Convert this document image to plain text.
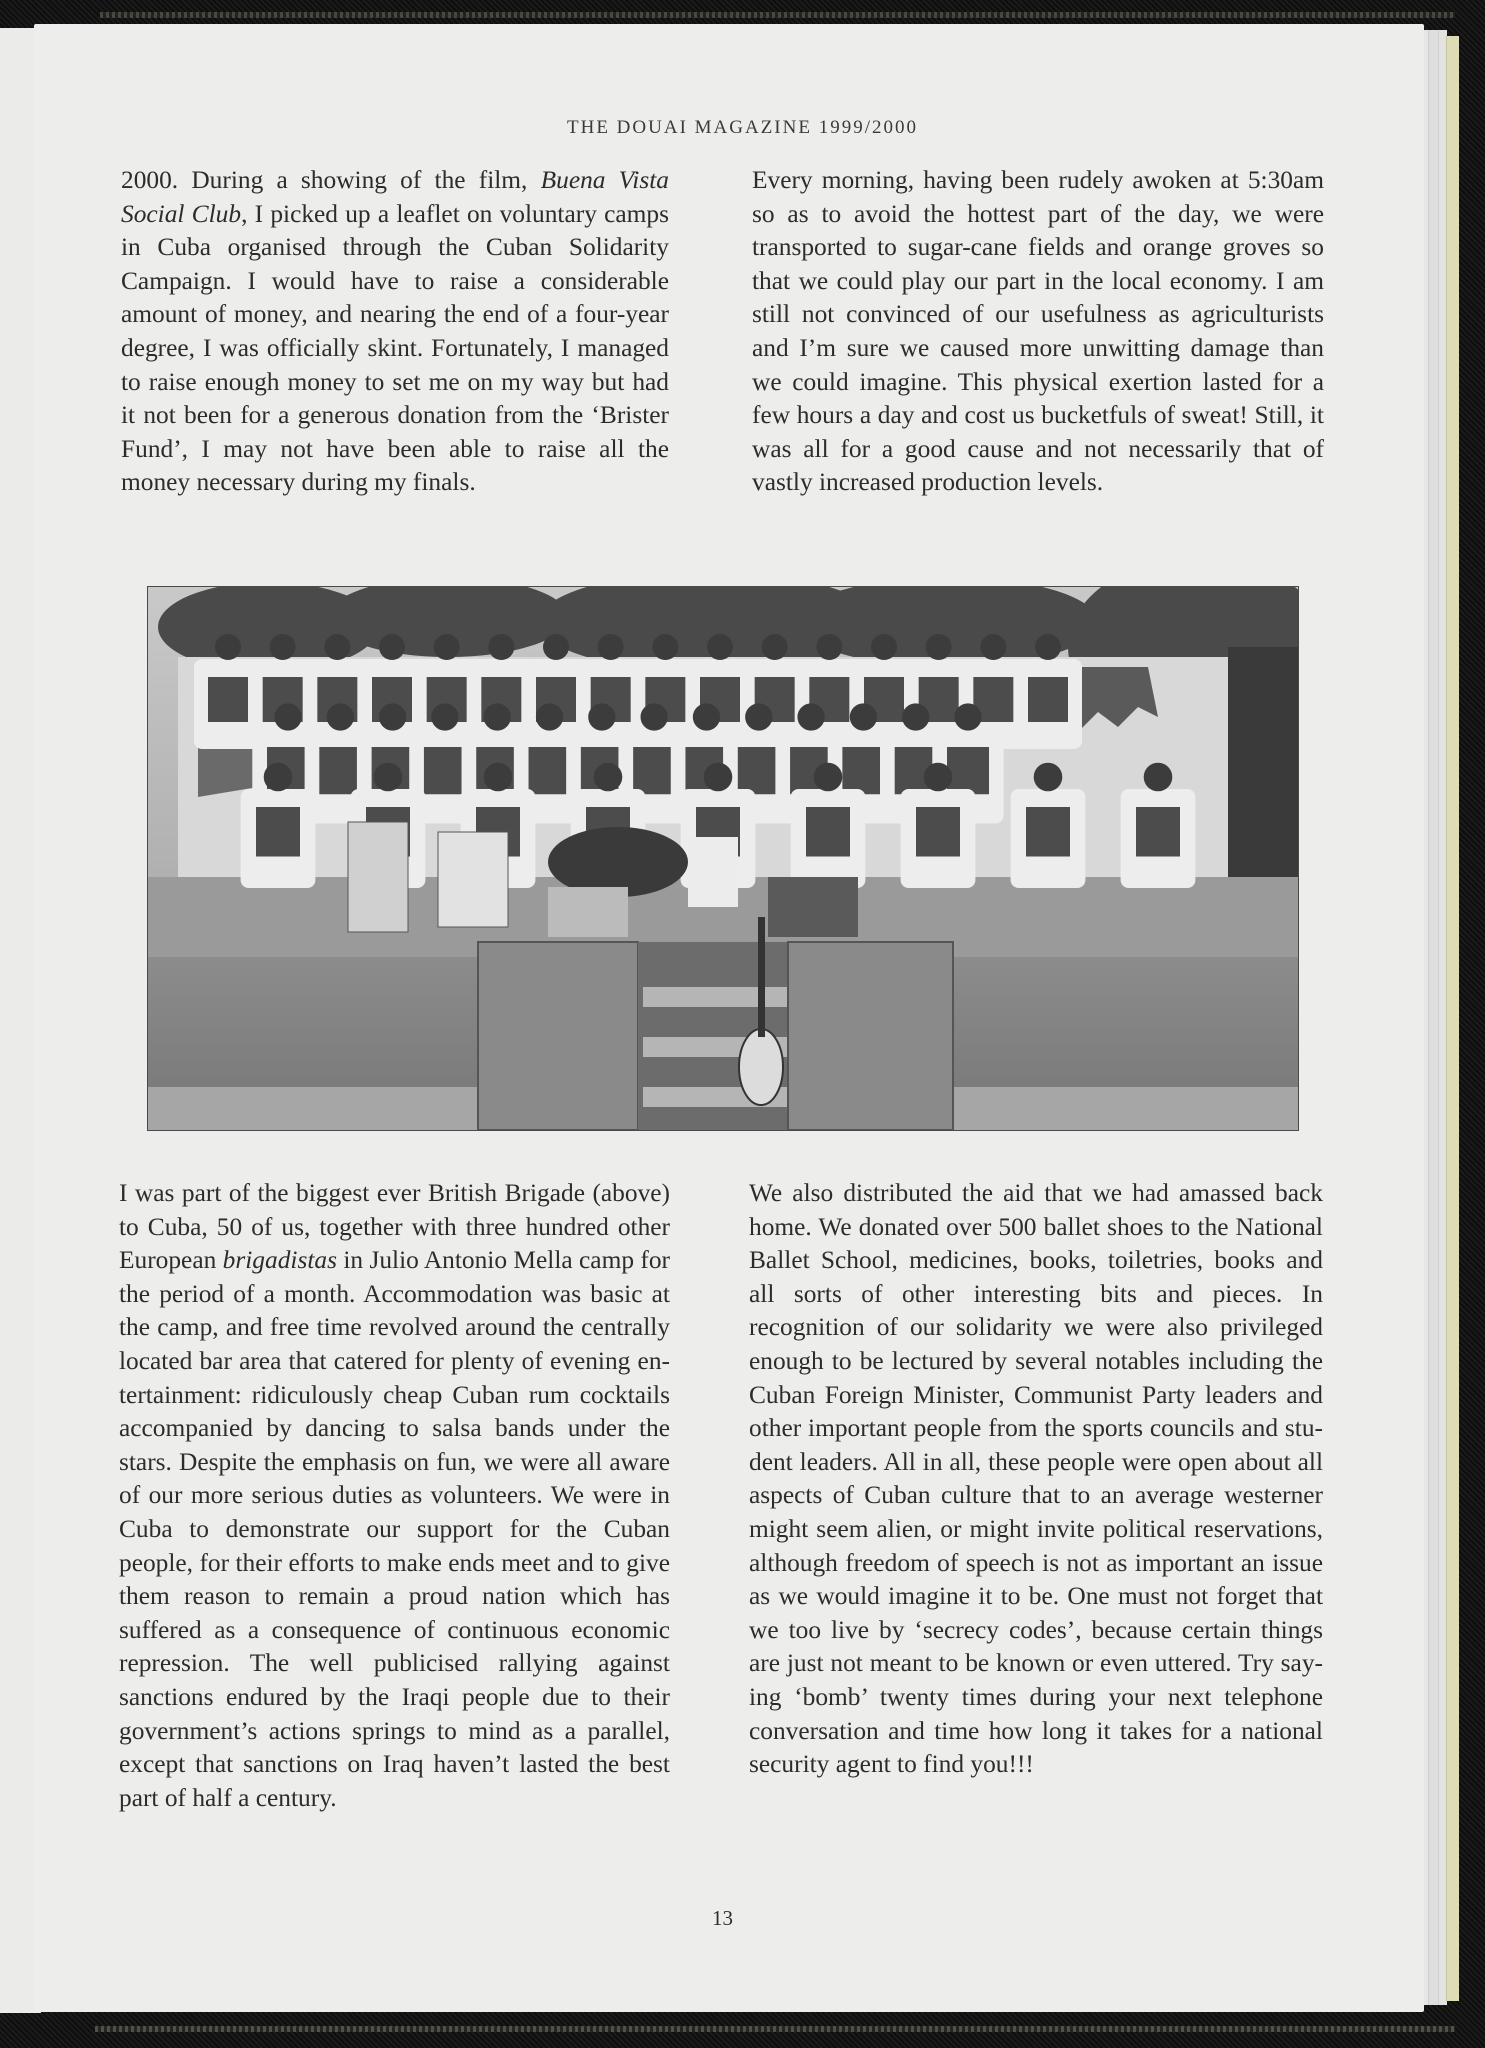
THE DOUAI MAGAZINE 1999/2000

2000. During a showing of the film, Buena Vista Social Club, I picked up a leaflet on voluntary camps in Cuba organised through the Cuban Solidarity Campaign. I would have to raise a considerable amount of money, and nearing the end of a four-year degree, I was officially skint. Fortunately, I managed to raise enough money to set me on my way but had it not been for a generous donation from the ‘Brister Fund’, I may not have been able to raise all the money necessary during my finals.

Every morning, having been rudely awoken at 5:30am so as to avoid the hottest part of the day, we were transported to sugar-cane fields and orange groves so that we could play our part in the local economy. I am still not convinced of our usefulness as agriculturists and I’m sure we caused more unwitting damage than we could imagine. This physical exertion lasted for a few hours a day and cost us bucketfuls of sweat! Still, it was all for a good cause and not necessarily that of vastly increased production levels.

I was part of the biggest ever British Brigade (above) to Cuba, 50 of us, together with three hundred other European brigadistas in Julio Antonio Mella camp for the period of a month. Accommodation was basic at the camp, and free time revolved around the centrally located bar area that catered for plenty of evening entertainment: ridiculously cheap Cuban rum cocktails accompanied by dancing to salsa bands under the stars. Despite the emphasis on fun, we were all aware of our more serious duties as volunteers. We were in Cuba to demonstrate our support for the Cuban people, for their efforts to make ends meet and to give them reason to remain a proud nation which has suffered as a consequence of continuous economic repression. The well publicised rallying against sanctions endured by the Iraqi people due to their government’s actions springs to mind as a parallel, except that sanctions on Iraq haven’t lasted the best part of half a century.

We also distributed the aid that we had amassed back home. We donated over 500 ballet shoes to the National Ballet School, medicines, books, toiletries, books and all sorts of other interesting bits and pieces. In recognition of our solidarity we were also privileged enough to be lectured by several notables including the Cuban Foreign Minister, Communist Party leaders and other important people from the sports councils and student leaders. All in all, these people were open about all aspects of Cuban culture that to an average westerner might seem alien, or might invite political reservations, although freedom of speech is not as important an issue as we would imagine it to be. One must not forget that we too live by ‘secrecy codes’, because certain things are just not meant to be known or even uttered. Try saying ‘bomb’ twenty times during your next telephone conversation and time how long it takes for a national security agent to find you!!!

13
